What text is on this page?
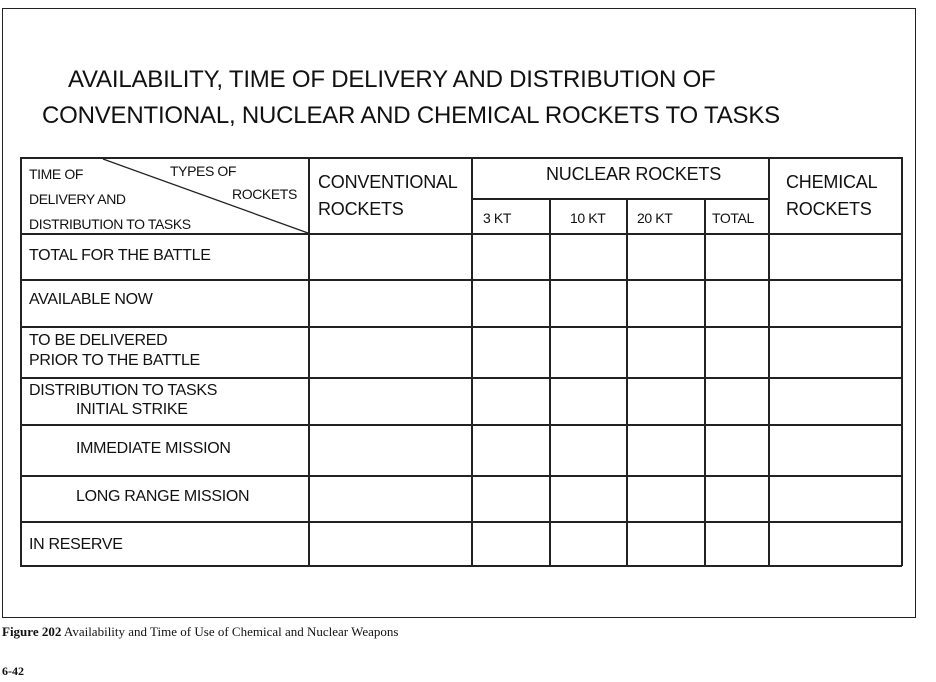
AVAILABILITY, TIME OF DELIVERY AND DISTRIBUTION OF
CONVENTIONAL, NUCLEAR AND CHEMICAL ROCKETS TO TASKS
TIME OF
DELIVERY AND
DISTRIBUTION TO TASKS
TYPES OF
ROCKETS
CONVENTIONAL
ROCKETS
NUCLEAR ROCKETS
3 KT	10 KT 20 KT	TOTAL
CHEMICAL
ROCKETS
TOTAL FOR THE BATTLE
AVAILABLE NOW
TO BE DELIVERED
PRIOR TO THE BATTLE
DISTRIBUTION TO TASKS
INITIAL STRIKE
IMMEDIATE MISSION
LONG RANGE MISSION
IN RESERVE
Figure 202 Availability and Time of Use of Chemical and Nuclear Weapons
6-42
